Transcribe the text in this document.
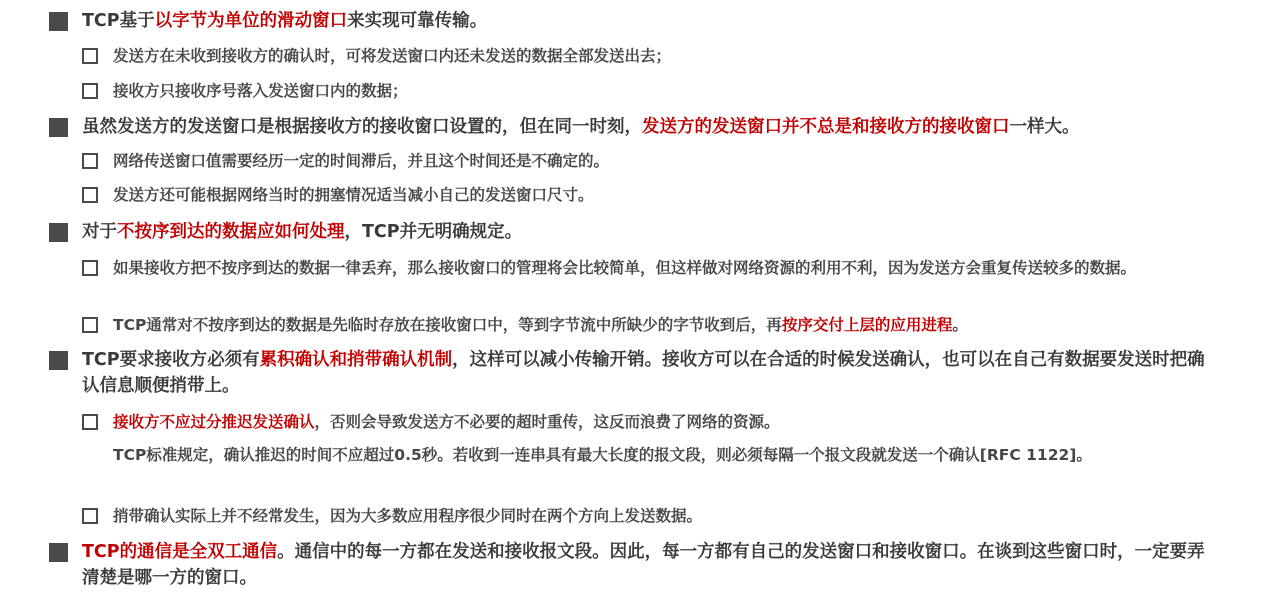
TCP基于以字节为单位的滑动窗口来实现可靠传输。
发送方在未收到接收方的确认时，可将发送窗口内还未发送的数据全部发送出去；
接收方只接收序号落入发送窗口内的数据；
虽然发送方的发送窗口是根据接收方的接收窗口设置的，但在同一时刻，发送方的发送窗口并不总是和接收方的接收窗口一样大。
网络传送窗口值需要经历一定的时间滞后，并且这个时间还是不确定的。
发送方还可能根据网络当时的拥塞情况适当减小自己的发送窗口尺寸。
对于不按序到达的数据应如何处理，TCP并无明确规定。
如果接收方把不按序到达的数据一律丢弃，那么接收窗口的管理将会比较简单，但这样做对网络资源的利用不利，因为发送方会重复传送较多的数据。
TCP通常对不按序到达的数据是先临时存放在接收窗口中，等到字节流中所缺少的字节收到后，再按序交付上层的应用进程。
TCP要求接收方必须有累积确认和捎带确认机制，这样可以减小传输开销。接收方可以在合适的时候发送确认，也可以在自己有数据要发送时把确认信息顺便捎带上。
接收方不应过分推迟发送确认，否则会导致发送方不必要的超时重传，这反而浪费了网络的资源。
TCP标准规定，确认推迟的时间不应超过0.5秒。若收到一连串具有最大长度的报文段，则必须每隔一个报文段就发送一个确认[RFC 1122]。
捎带确认实际上并不经常发生，因为大多数应用程序很少同时在两个方向上发送数据。
TCP的通信是全双工通信。通信中的每一方都在发送和接收报文段。因此，每一方都有自己的发送窗口和接收窗口。在谈到这些窗口时，一定要弄清楚是哪一方的窗口。
